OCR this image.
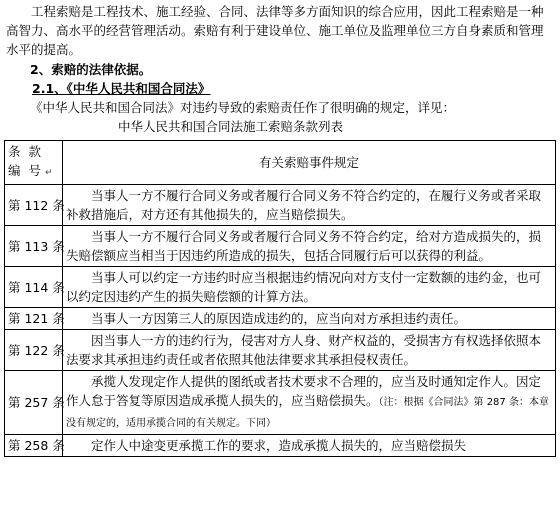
工程索赔是工程技术、施工经验、合同、法律等多方面知识的综合应用，因此工程索赔是一种高智力、高水平的经营管理活动。索赔有利于建设单位、施工单位及监理单位三方自身素质和管理水平的提高。

2、索赔的法律依据。
2.1、《中华人民共和国合同法》
《中华人民共和国合同法》对违约导致的索赔责任作了很明确的规定，详见：
中华人民共和国合同法施工索赔条款列表
条 款 编 号 ↵	有关索赔事件规定
第 112 条	当事人一方不履行合同义务或者履行合同义务不符合约定的，在履行义务或者采取补救措施后，对方还有其他损失的，应当赔偿损失。
第 113 条	当事人一方不履行合同义务或者履行合同义务不符合约定，给对方造成损失的，损失赔偿额应当相当于因违约所造成的损失，包括合同履行后可以获得的利益。
第 114 条	当事人可以约定一方违约时应当根据违约情况向对方支付一定数额的违约金，也可以约定因违约产生的损失赔偿额的计算方法。
第 121 条	当事人一方因第三人的原因造成违约的，应当向对方承担违约责任。
第 122 条	因当事人一方的违约行为，侵害对方人身、财产权益的，受损害方有权选择依照本法要求其承担违约责任或者依照其他法律要求其承担侵权责任。
第 257 条	承揽人发现定作人提供的图纸或者技术要求不合理的，应当及时通知定作人。因定作人怠于答复等原因造成承揽人损失的，应当赔偿损失。（注：根据《合同法》第 287 条：本章没有规定的，适用承揽合同的有关规定。下同）
第 258 条	定作人中途变更承揽工作的要求，造成承揽人损失的，应当赔偿损失
